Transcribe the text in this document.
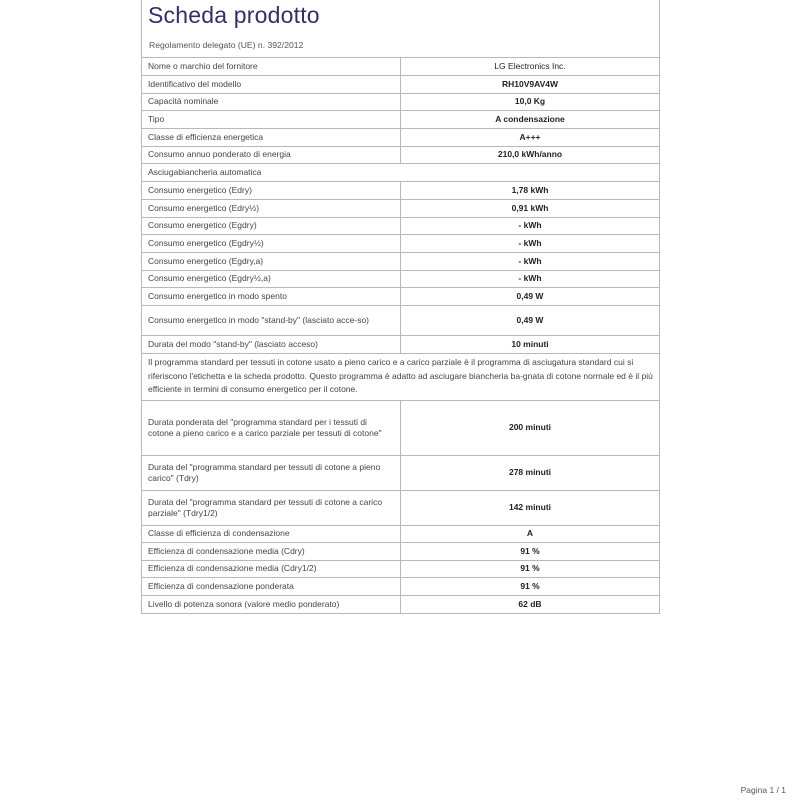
Scheda prodotto
Regolamento delegato (UE) n. 392/2012
Nome o marchio del fornitore	LG Electronics Inc.
Identificativo del modello	RH10V9AV4W
Capacità nominale	10,0 Kg
Tipo	A condensazione
Classe di efficienza energetica	A+++
Consumo annuo ponderato di energia	210,0 kWh/anno
Asciugabiancheria automatica	
Consumo energetico (Edry)	1,78 kWh
Consumo energetico (Edry½)	0,91 kWh
Consumo energetico (Egdry)	- kWh
Consumo energetico (Egdry½)	- kWh
Consumo energetico (Egdry,a)	- kWh
Consumo energetico (Egdry½,a)	- kWh
Consumo energetico in modo spento	0,49 W
Consumo energetico in modo "stand-by" (lasciato acce-so)	0,49 W
Durata del modo "stand-by" (lasciato acceso)	10 minuti
Il programma standard per tessuti in cotone usato a pieno carico e a carico parziale è il programma di asciugatura standard cui si riferiscono l'etichetta e la scheda prodotto. Questo programma è adatto ad asciugare biancheria ba-gnata di cotone normale ed è il più efficiente in termini di consumo energetico per il cotone.	
Durata ponderata del "programma standard per i tessuti di cotone a pieno carico e a carico parziale per tessuti di cotone"	200 minuti
Durata del "programma standard per tessuti di cotone a pieno carico" (Tdry)	278 minuti
Durata del "programma standard per tessuti di cotone a carico parziale" (Tdry1/2)	142 minuti
Classe di efficienza di condensazione	A
Efficienza di condensazione media (Cdry)	91 %
Efficienza di condensazione media (Cdry1/2)	91 %
Efficienza di condensazione ponderata	91 %
Livello di potenza sonora (valore medio ponderato)	62 dB
Pagina 1 / 1
